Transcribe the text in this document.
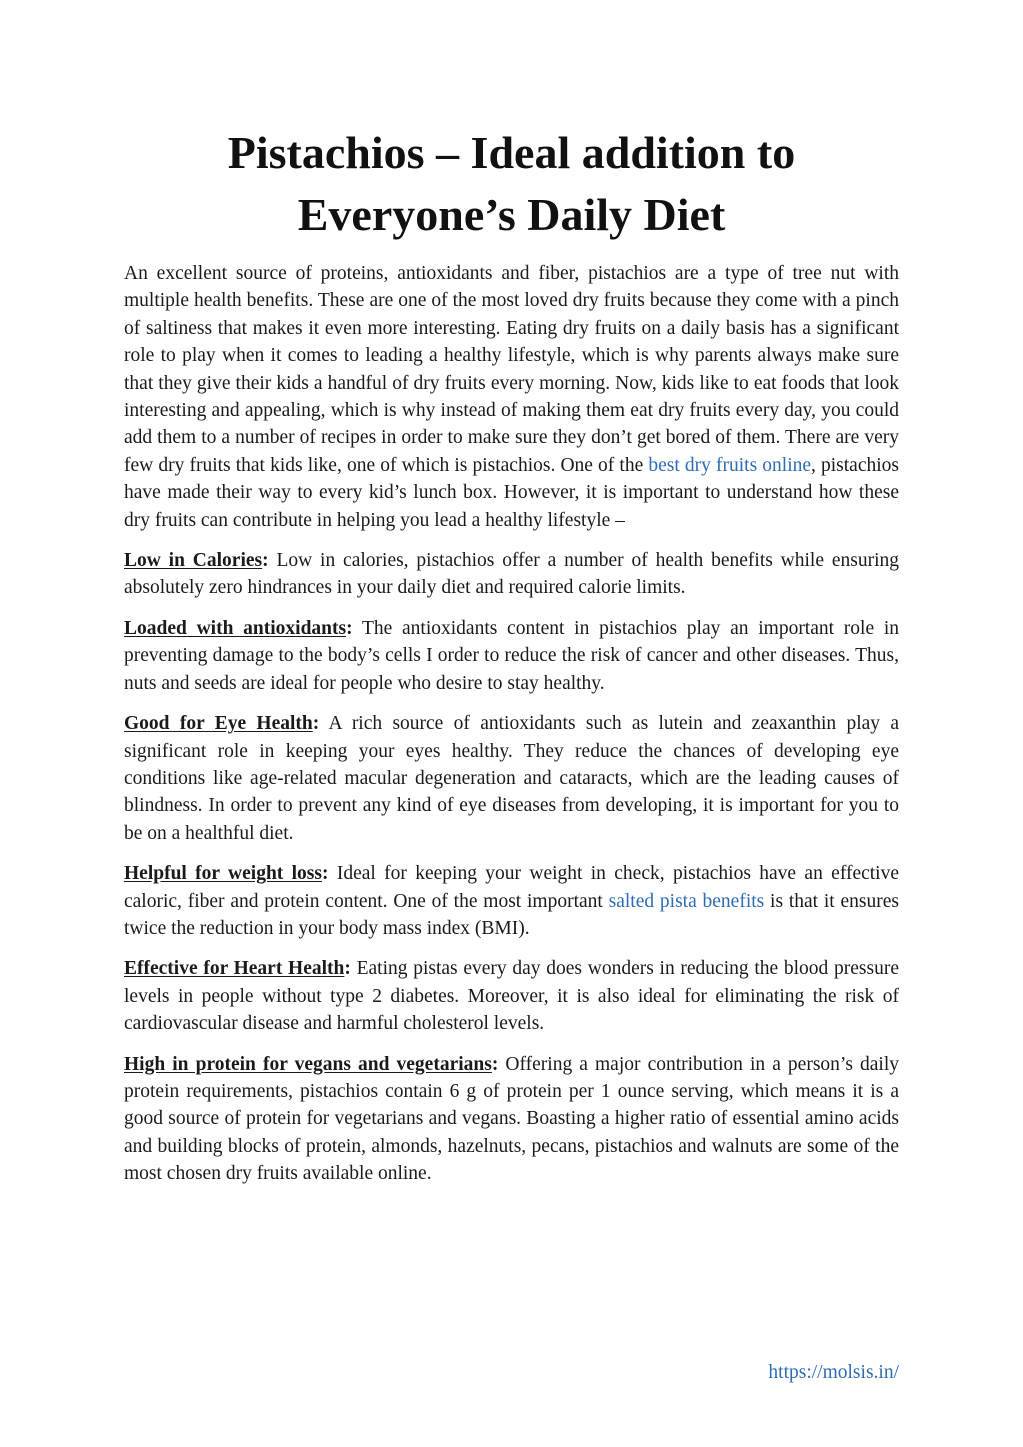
Pistachios – Ideal addition to
Everyone’s Daily Diet

An excellent source of proteins, antioxidants and fiber, pistachios are a type of tree nut with multiple health benefits. These are one of the most loved dry fruits because they come with a pinch of saltiness that makes it even more interesting. Eating dry fruits on a daily basis has a significant role to play when it comes to leading a healthy lifestyle, which is why parents always make sure that they give their kids a handful of dry fruits every morning. Now, kids like to eat foods that look interesting and appealing, which is why instead of making them eat dry fruits every day, you could add them to a number of recipes in order to make sure they don’t get bored of them. There are very few dry fruits that kids like, one of which is pistachios. One of the best dry fruits online, pistachios have made their way to every kid’s lunch box. However, it is important to understand how these dry fruits can contribute in helping you lead a healthy lifestyle –

Low in Calories: Low in calories, pistachios offer a number of health benefits while ensuring absolutely zero hindrances in your daily diet and required calorie limits.

Loaded with antioxidants: The antioxidants content in pistachios play an important role in preventing damage to the body’s cells I order to reduce the risk of cancer and other diseases. Thus, nuts and seeds are ideal for people who desire to stay healthy.

Good for Eye Health: A rich source of antioxidants such as lutein and zeaxanthin play a significant role in keeping your eyes healthy. They reduce the chances of developing eye conditions like age-related macular degeneration and cataracts, which are the leading causes of blindness. In order to prevent any kind of eye diseases from developing, it is important for you to be on a healthful diet.

Helpful for weight loss: Ideal for keeping your weight in check, pistachios have an effective caloric, fiber and protein content. One of the most important salted pista benefits is that it ensures twice the reduction in your body mass index (BMI).

Effective for Heart Health: Eating pistas every day does wonders in reducing the blood pressure levels in people without type 2 diabetes. Moreover, it is also ideal for eliminating the risk of cardiovascular disease and harmful cholesterol levels.

High in protein for vegans and vegetarians: Offering a major contribution in a person’s daily protein requirements, pistachios contain 6 g of protein per 1 ounce serving, which means it is a good source of protein for vegetarians and vegans. Boasting a higher ratio of essential amino acids and building blocks of protein, almonds, hazelnuts, pecans, pistachios and walnuts are some of the most chosen dry fruits available online.

https://molsis.in/
